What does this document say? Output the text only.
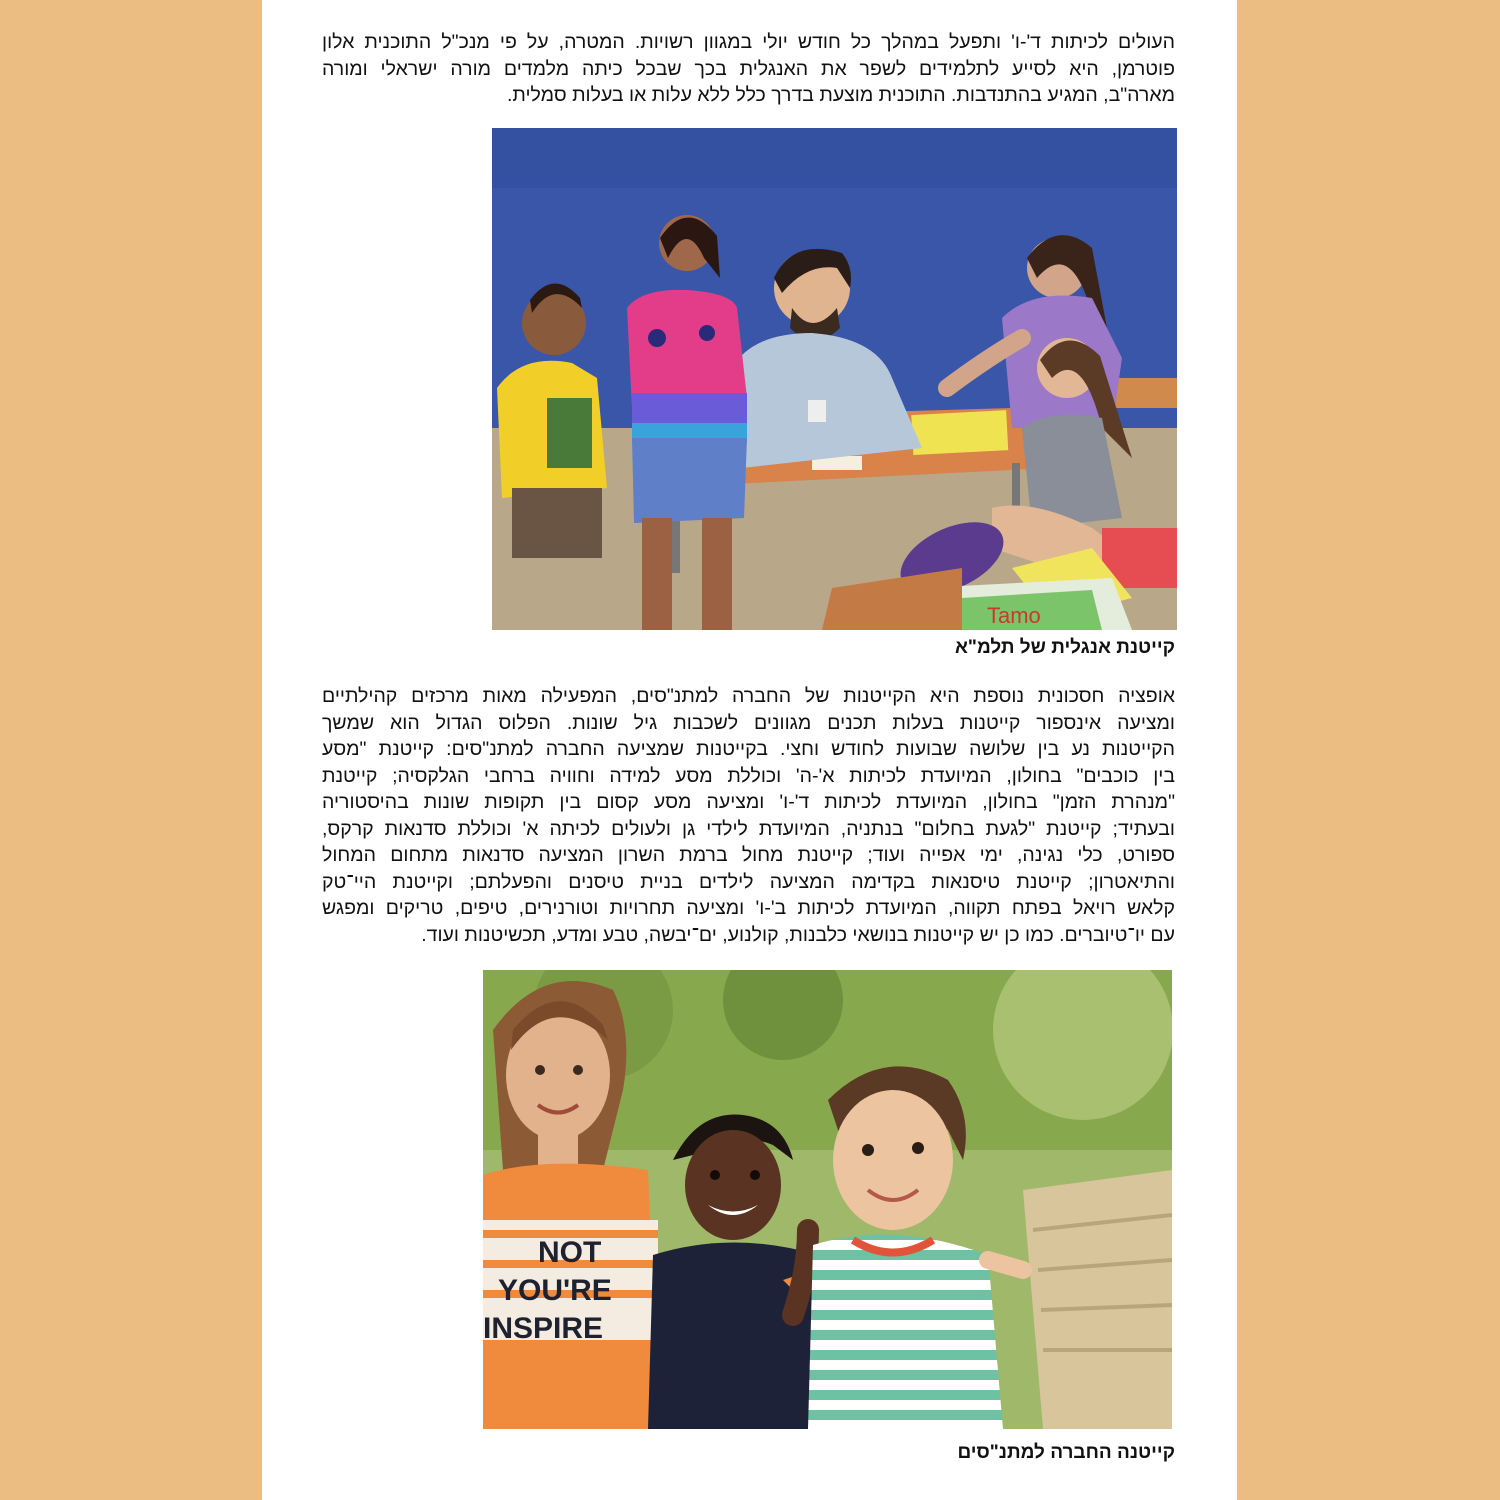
העולים לכיתות ד'-ו' ותפעל במהלך כל חודש יולי במגוון רשויות. המטרה, על פי מנכ"ל התוכנית אלון
פוטרמן, היא לסייע לתלמידים לשפר את האנגלית בכך שבכל כיתה מלמדים מורה ישראלי ומורה
מארה"ב, המגיע בהתנדבות. התוכנית מוצעת בדרך כלל ללא עלות או בעלות סמלית.
Tamo
קייטנת אנגלית של תלמ"א
אופציה חסכונית נוספת היא הקייטנות של החברה למתנ"סים, המפעילה מאות מרכזים קהילתיים
ומציעה אינספור קייטנות בעלות תכנים מגוונים לשכבות גיל שונות. הפלוס הגדול הוא שמשך
הקייטנות נע בין שלושה שבועות לחודש וחצי. בקייטנות שמציעה החברה למתנ"סים: קייטנת "מסע
בין כוכבים" בחולון, המיועדת לכיתות א'-ה' וכוללת מסע למידה וחוויה ברחבי הגלקסיה; קייטנת
"מנהרת הזמן" בחולון, המיועדת לכיתות ד'-ו' ומציעה מסע קסום בין תקופות שונות בהיסטוריה
ובעתיד; קייטנת "לגעת בחלום" בנתניה, המיועדת לילדי גן ולעולים לכיתה א' וכוללת סדנאות קרקס,
ספורט, כלי נגינה, ימי אפייה ועוד; קייטנת מחול ברמת השרון המציעה סדנאות מתחום המחול
והתיאטרון; קייטנת טיסנאות בקדימה המציעה לילדים בניית טיסנים והפעלתם; וקייטנת היי־טק
קלאש רויאל בפתח תקווה, המיועדת לכיתות ב'-ו' ומציעה תחרויות וטורנירים, טיפים, טריקים ומפגש
עם יו־טיוברים. כמו כן יש קייטנות בנושאי כלבנות, קולנוע, ים־יבשה, טבע ומדע, תכשיטנות ועוד.
NOT
YOU'RE
INSPIRE
קייטנה החברה למתנ"סים
